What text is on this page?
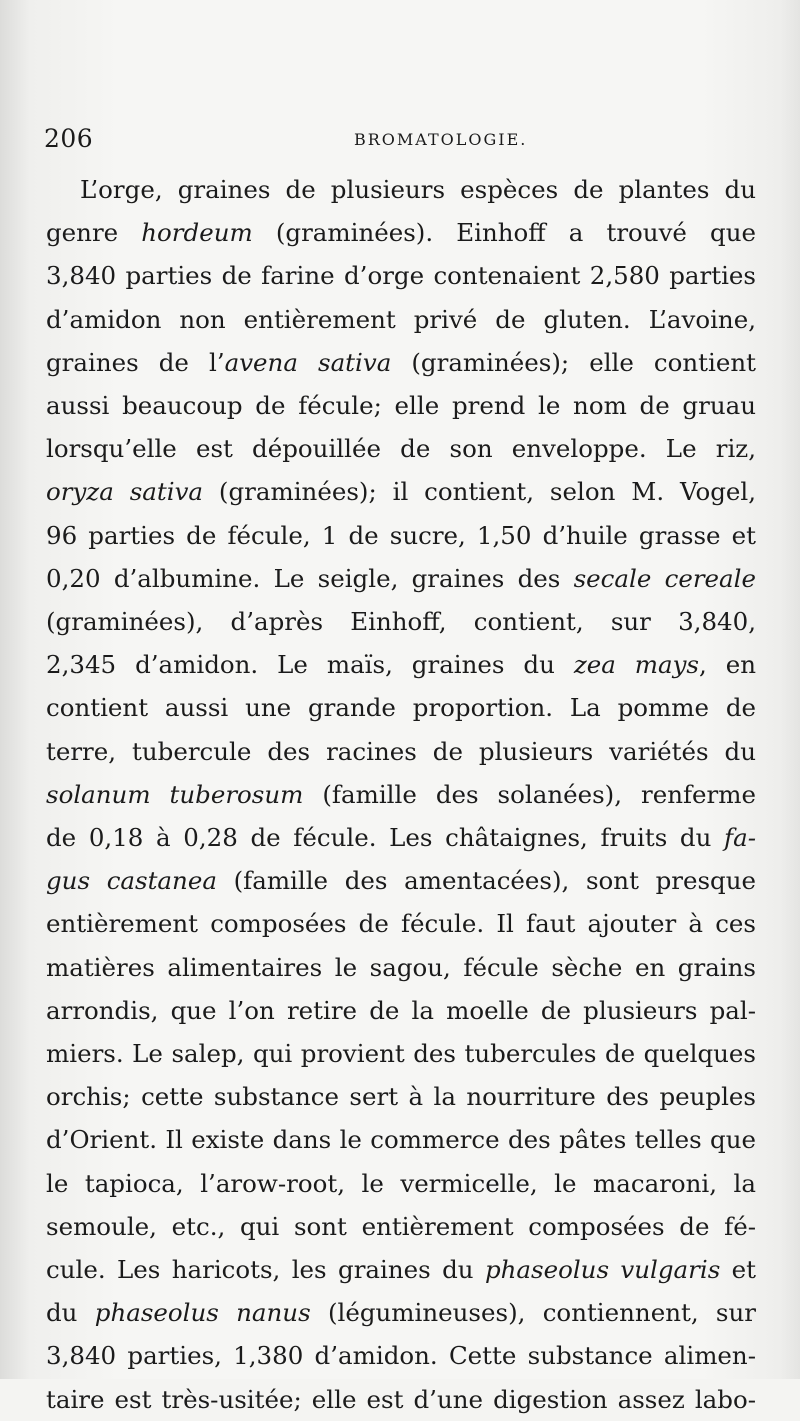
206	BROMATOLOGIE.
L’orge, graines de plusieurs espèces de plantes du
genre hordeum (graminées). Einhoff a trouvé que
3,840 parties de farine d’orge contenaient 2,580 parties
d’amidon non entièrement privé de gluten. L’avoine,
graines de l’avena sativa (graminées); elle contient
aussi beaucoup de fécule; elle prend le nom de gruau
lorsqu’elle est dépouillée de son enveloppe. Le riz,
oryza sativa (graminées); il contient, selon M. Vogel,
96 parties de fécule, 1 de sucre, 1,50 d’huile grasse et
0,20 d’albumine. Le seigle, graines des secale cereale
(graminées), d’après Einhoff, contient, sur 3,840,
2,345 d’amidon. Le maïs, graines du zea mays, en
contient aussi une grande proportion. La pomme de
terre, tubercule des racines de plusieurs variétés du
solanum tuberosum (famille des solanées), renferme
de 0,18 à 0,28 de fécule. Les châtaignes, fruits du fa-
gus castanea (famille des amentacées), sont presque
entièrement composées de fécule. Il faut ajouter à ces
matières alimentaires le sagou, fécule sèche en grains
arrondis, que l’on retire de la moelle de plusieurs pal-
miers. Le salep, qui provient des tubercules de quelques
orchis; cette substance sert à la nourriture des peuples
d’Orient. Il existe dans le commerce des pâtes telles que
le tapioca, l’arow-root, le vermicelle, le macaroni, la
semoule, etc., qui sont entièrement composées de fé-
cule. Les haricots, les graines du phaseolus vulgaris et
du phaseolus nanus (légumineuses), contiennent, sur
3,840 parties, 1,380 d’amidon. Cette substance alimen-
taire est très-usitée; elle est d’une digestion assez labo-
